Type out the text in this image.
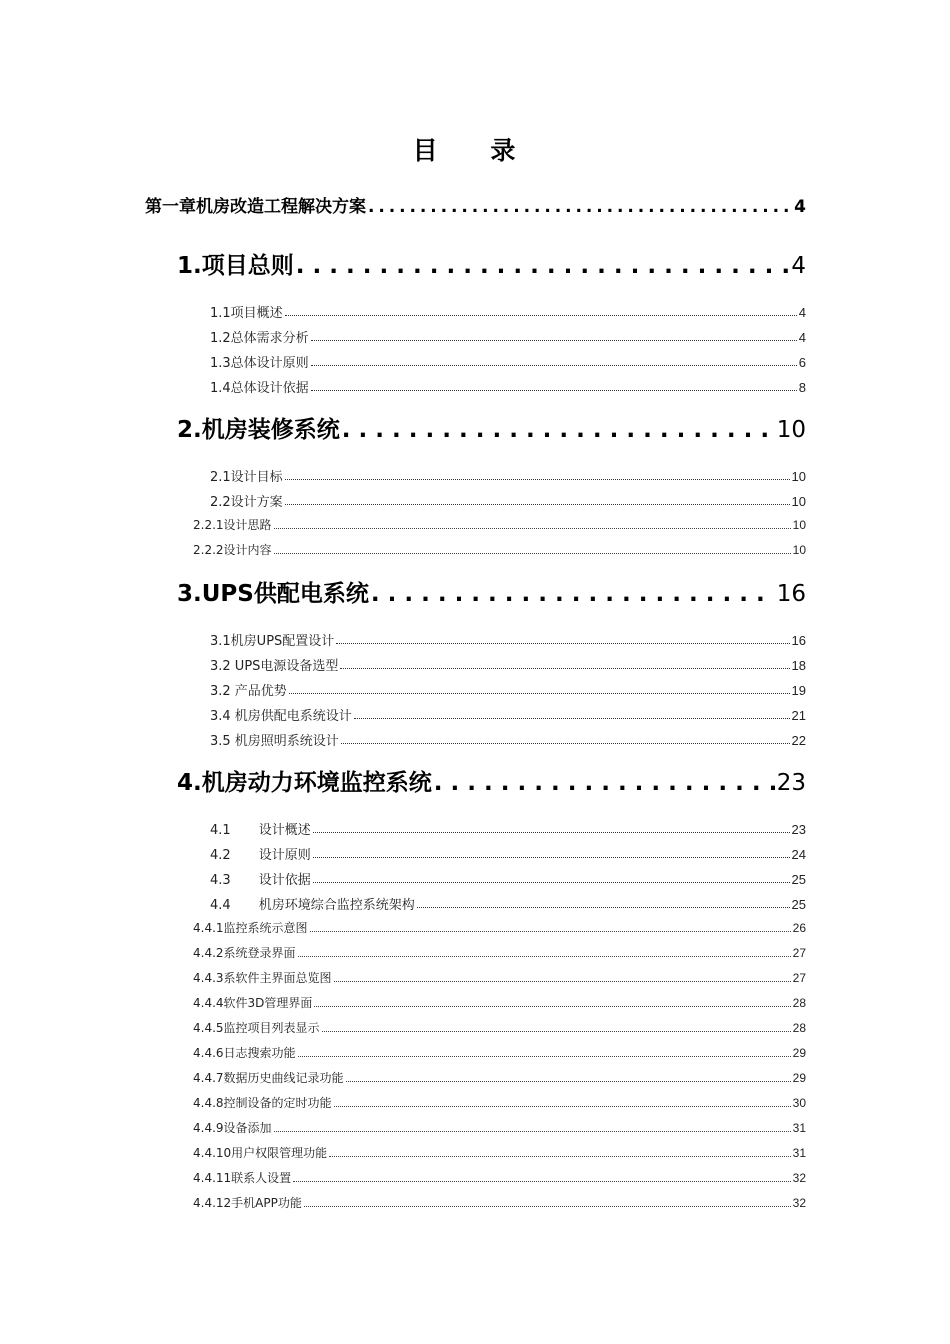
目 录
第一章机房改造工程解决方案 . . .	4
1.项目总则 . . .	4
1.1项目概述	4
1.2总体需求分析	4
1.3总体设计原则	6
1.4总体设计依据	8
2.机房装修系统 . . .	10
2.1设计目标	10
2.2设计方案	10
2.2.1设计思路	10
2.2.2设计内容	10
3.UPS供配电系统 . . .	16
3.1机房UPS配置设计	16
3.2 UPS电源设备选型	18
3.2 产品优势	19
3.4 机房供配电系统设计	21
3.5 机房照明系统设计	22
4.机房动力环境监控系统 . . .	23
4.1 设计概述	23
4.2 设计原则	24
4.3 设计依据	25
4.4 机房环境综合监控系统架构	25
4.4.1监控系统示意图	26
4.4.2系统登录界面	27
4.4.3系软件主界面总览图	27
4.4.4软件3D管理界面	28
4.4.5监控项目列表显示	28
4.4.6日志搜索功能	29
4.4.7数据历史曲线记录功能	29
4.4.8控制设备的定时功能	30
4.4.9设备添加	31
4.4.10用户权限管理功能	31
4.4.11联系人设置	32
4.4.12手机APP功能	32
